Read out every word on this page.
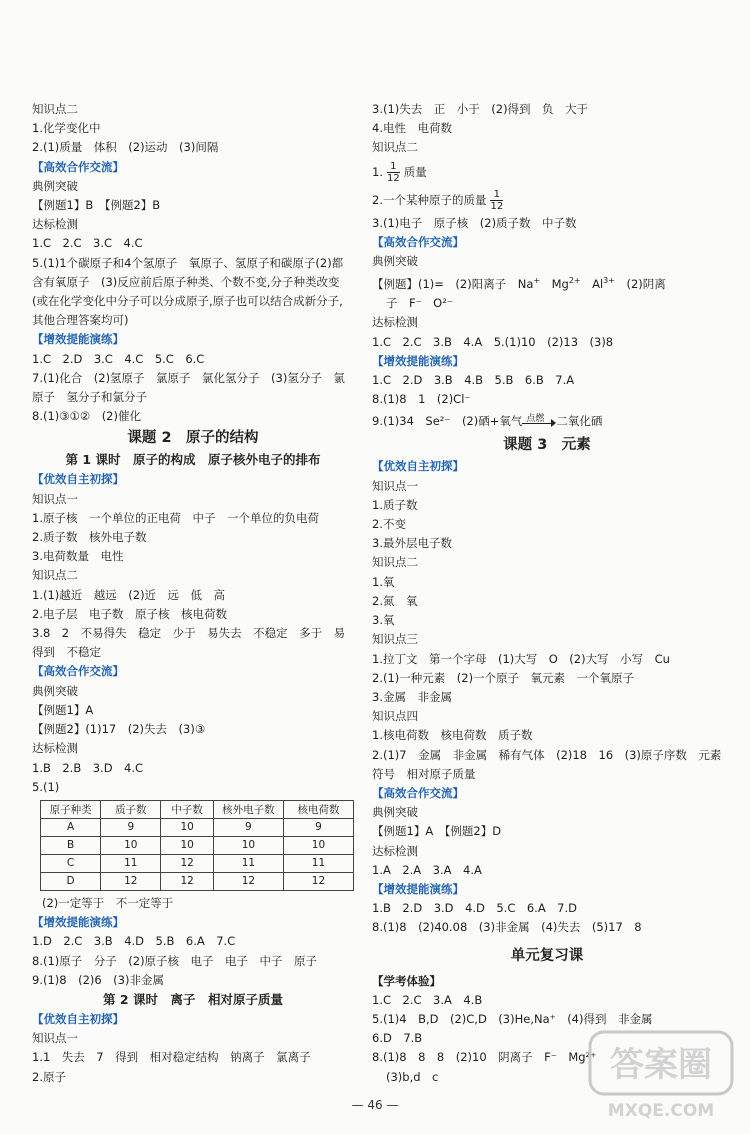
知识点二
1.化学变化中
2.(1)质量　体积　(2)运动　(3)间隔
【高效合作交流】
典例突破
【例题1】B　【例题2】B
达标检测
1.C　2.C　3.C　4.C
5.(1)1个碳原子和4个氢原子　氧原子、氢原子和碳原子(2)都含有氧原子　(3)反应前后原子种类、个数不变,分子种类改变(或在化学变化中分子可以分成原子,原子也可以结合成新分子,其他合理答案均可)
【增效提能演练】
1.C　2.D　3.C　4.C　5.C　6.C
7.(1)化合　(2)氢原子　氯原子　氯化氢分子　(3)氢分子　氯原子　氢分子和氯分子
8.(1)③①②　(2)催化
课题 2　原子的结构
第 1 课时　原子的构成　原子核外电子的排布
【优效自主初探】
知识点一
1.原子核　一个单位的正电荷　中子　一个单位的负电荷
2.质子数　核外电子数
3.电荷数量　电性
知识点二
1.(1)越近　越远　(2)近　远　低　高
2.电子层　电子数　原子核　核电荷数
3.8　2　不易得失　稳定　少于　易失去　不稳定　多于　易得到　不稳定
【高效合作交流】
典例突破
【例题1】A
【例题2】(1)17　(2)失去　(3)③
达标检测
1.B　2.B　3.D　4.C
5.(1)
原子种类	质子数	中子数	核外电子数	核电荷数
A	9	10	9	9
B	10	10	10	10
C	11	12	11	11
D	12	12	12	12
(2)一定等于　不一定等于
【增效提能演练】
1.D　2.C　3.B　4.D　5.B　6.A　7.C
8.(1)原子　分子　(2)原子核　电子　电子　中子　原子
9.(1)8　(2)6　(3)非金属
第 2 课时　离子　相对原子质量
【优效自主初探】
知识点一
1.1　失去　7　得到　相对稳定结构　钠离子　氯离子
2.原子
3.(1)失去　正　小于　(2)得到　负　大于
4.电性　电荷数
知识点二
1. $\frac{1}{12}$ 质量
2.一个某种原子的质量 $\frac{1}{12}$
3.(1)电子　原子核　(2)质子数　中子数
【高效合作交流】
典例突破
【例题】(1)=　(2)阳离子　Na+　 $Mg^{2+}$　 $Al^{3+}$　 (2)阴离
子　F⁻　O²⁻
达标检测
1.C　2.C　3.B　4.A　5.(1)10　(2)13　(3)8
【增效提能演练】
1.C　2.D　3.B　4.B　5.B　6.B　7.A
8.(1)8　1　(2)Cl⁻
9.(1)34　Se²⁻　(2)硒+氧气 点燃 二氧化硒
课题 3　元素
【优效自主初探】
知识点一
1.质子数
2.不变
3.最外层电子数
知识点二
1.氧
2.氮　氧
3.氧
知识点三
1.拉丁文　第一个字母　(1)大写　O　(2)大写　小写　Cu
2.(1)一种元素　(2)一个原子　氧元素　一个氧原子
3.金属　非金属
知识点四
1.核电荷数　核电荷数　质子数
2.(1)7　金属　非金属　稀有气体　(2)18　16　(3)原子序数　元素符号　相对原子质量
【高效合作交流】
典例突破
【例题1】A　【例题2】D
达标检测
1.A　2.A　3.A　4.A
【增效提能演练】
1.B　2.D　3.D　4.D　5.C　6.A　7.D
8.(1)8　(2)40.08　(3)非金属　(4)失去　(5)17　8
单元复习课
【学考体验】
1.C　2.C　3.A　4.B
5.(1)4　B,D　(2)C,D　(3)He,Na⁺　(4)得到　非金属
6.D　7.B
8.(1)8　8　8　(2)10　阴离子　F⁻　Mg²⁺
(3)b,d　c
— 46 —
答案圈
MXQE.COM
